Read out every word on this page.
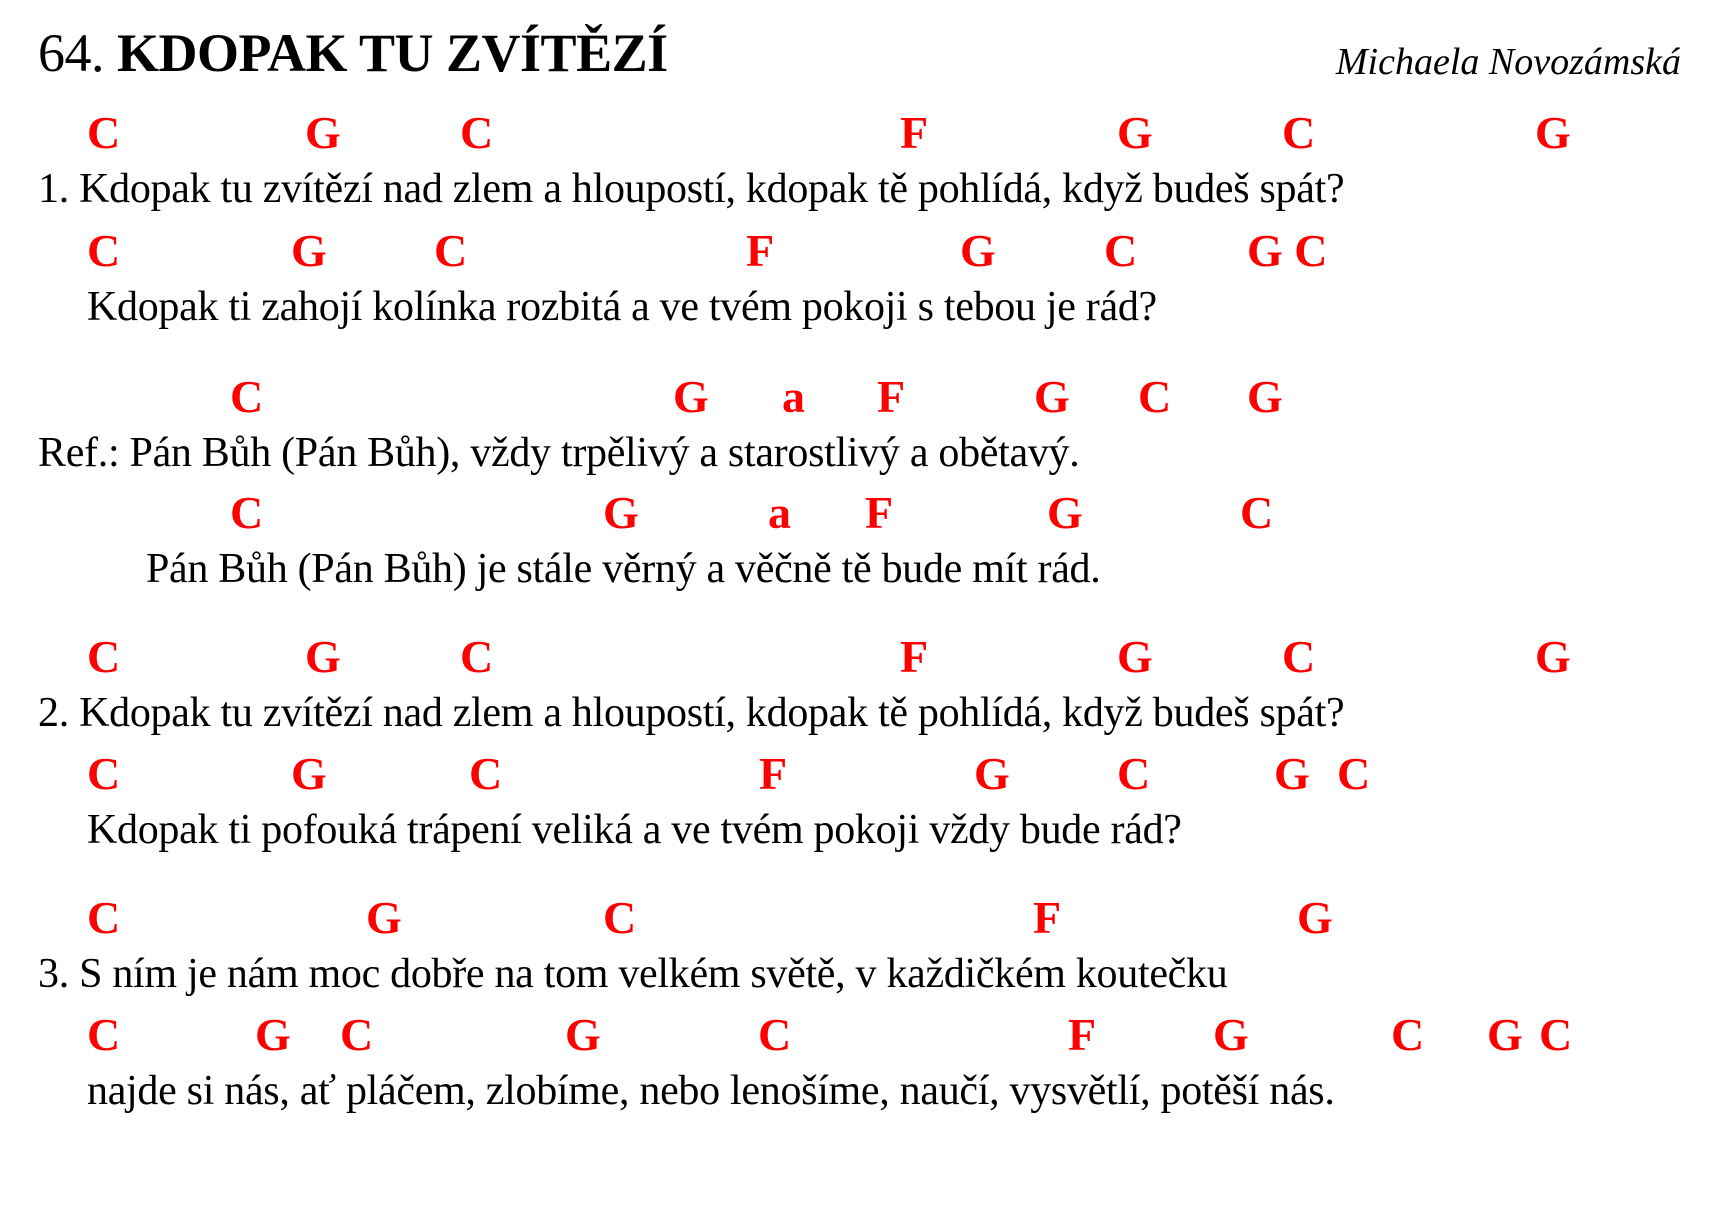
64. KDOPAK TU ZVÍTĚZÍ	Michaela Novozámská
C	G	C	F	G	C	G
1. Kdopak tu zvítězí nad zlem a hloupostí, kdopak tě pohlídá, když budeš spát?
C	G C	F	G C G C
Kdopak ti zahojí kolínka rozbitá a ve tvém pokoji s tebou je rád?
C	G a F	G C G
Ref.: Pán Bůh (Pán Bůh), vždy trpělivý a starostlivý a obětavý.
C	G	a F	G	C
Pán Bůh (Pán Bůh) je stále věrný a věčně tě bude mít rád.
C	G	C	F	G	C	G
2. Kdopak tu zvítězí nad zlem a hloupostí, kdopak tě pohlídá, když budeš spát?
C	G	C	F	G C	G C
Kdopak ti pofouká trápení veliká a ve tvém pokoji vždy bude rád?
C	G	C	F	G
3. S ním je nám moc dobře na tom velkém světě, v každičkém koutečku
C	G C	G	C	F	G	C G C
najde si nás, ať pláčem, zlobíme, nebo lenošíme, naučí, vysvětlí, potěší nás.
